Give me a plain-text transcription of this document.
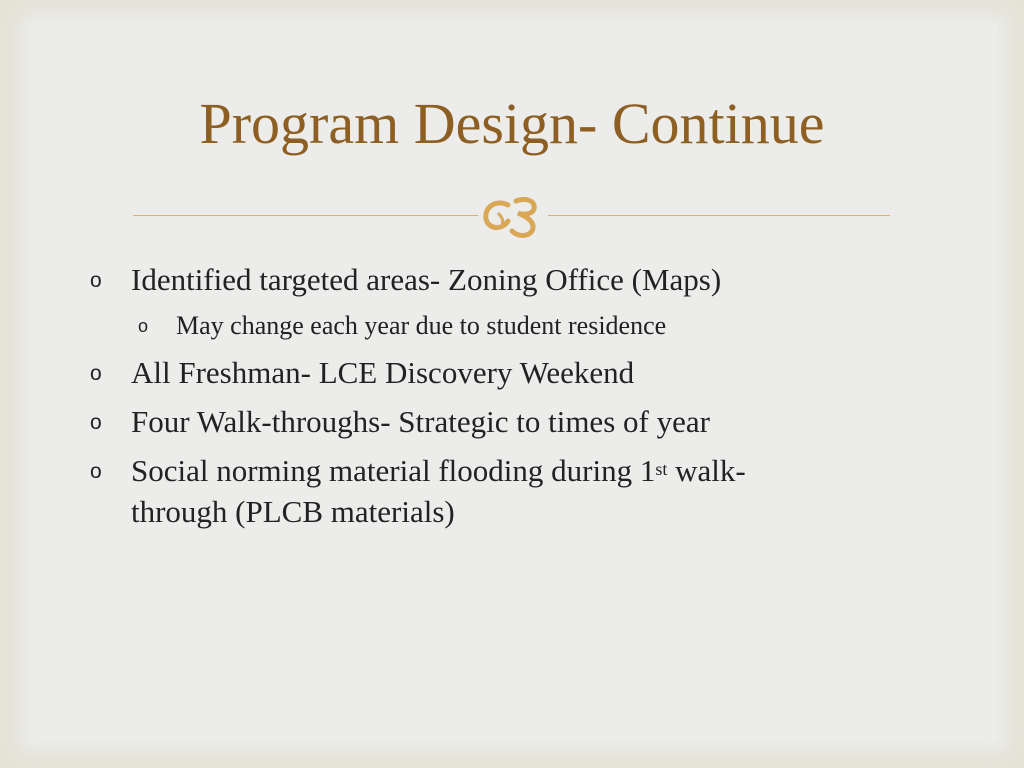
Program Design- Continue
o Identified targeted areas- Zoning Office (Maps)
o May change each year due to student residence
o All Freshman- LCE Discovery Weekend
o Four Walk-throughs- Strategic to times of year
o Social norming material flooding during 1st walk-
through (PLCB materials)
